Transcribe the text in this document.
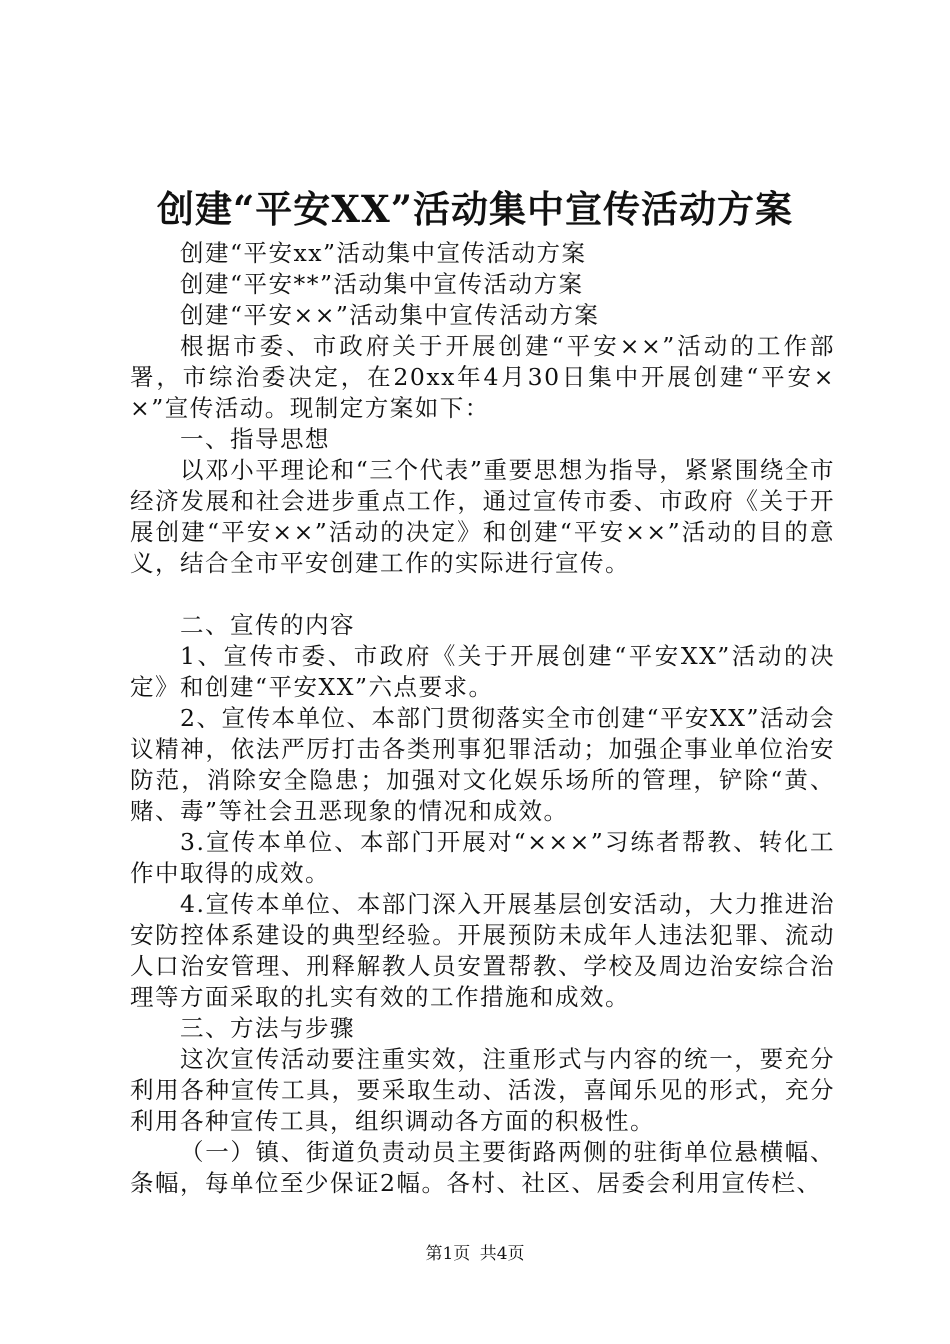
创建“平安XX”活动集中宣传活动方案

创建“平安xx”活动集中宣传活动方案

创建“平安**”活动集中宣传活动方案

创建“平安××”活动集中宣传活动方案

根据市委、市政府关于开展创建“平安××”活动的工作部署，市综治委决定，在20xx年4月30日集中开展创建“平安××”宣传活动。现制定方案如下：

一、指导思想

以邓小平理论和“三个代表”重要思想为指导，紧紧围绕全市经济发展和社会进步重点工作，通过宣传市委、市政府《关于开展创建“平安××”活动的决定》和创建“平安××”活动的目的意义，结合全市平安创建工作的实际进行宣传。

二、宣传的内容

1、宣传市委、市政府《关于开展创建“平安XX”活动的决定》和创建“平安XX”六点要求。

2、宣传本单位、本部门贯彻落实全市创建“平安XX”活动会议精神，依法严厉打击各类刑事犯罪活动；加强企事业单位治安防范，消除安全隐患；加强对文化娱乐场所的管理，铲除“黄、赌、毒”等社会丑恶现象的情况和成效。

3.宣传本单位、本部门开展对“×××”习练者帮教、转化工作中取得的成效。

4.宣传本单位、本部门深入开展基层创安活动，大力推进治安防控体系建设的典型经验。开展预防未成年人违法犯罪、流动人口治安管理、刑释解教人员安置帮教、学校及周边治安综合治理等方面采取的扎实有效的工作措施和成效。

三、方法与步骤

这次宣传活动要注重实效，注重形式与内容的统一，要充分利用各种宣传工具，要采取生动、活泼，喜闻乐见的形式，充分利用各种宣传工具，组织调动各方面的积极性。

（一）镇、街道负责动员主要街路两侧的驻街单位悬横幅、条幅，每单位至少保证2幅。各村、社区、居委会利用宣传栏、

第1页 共4页
